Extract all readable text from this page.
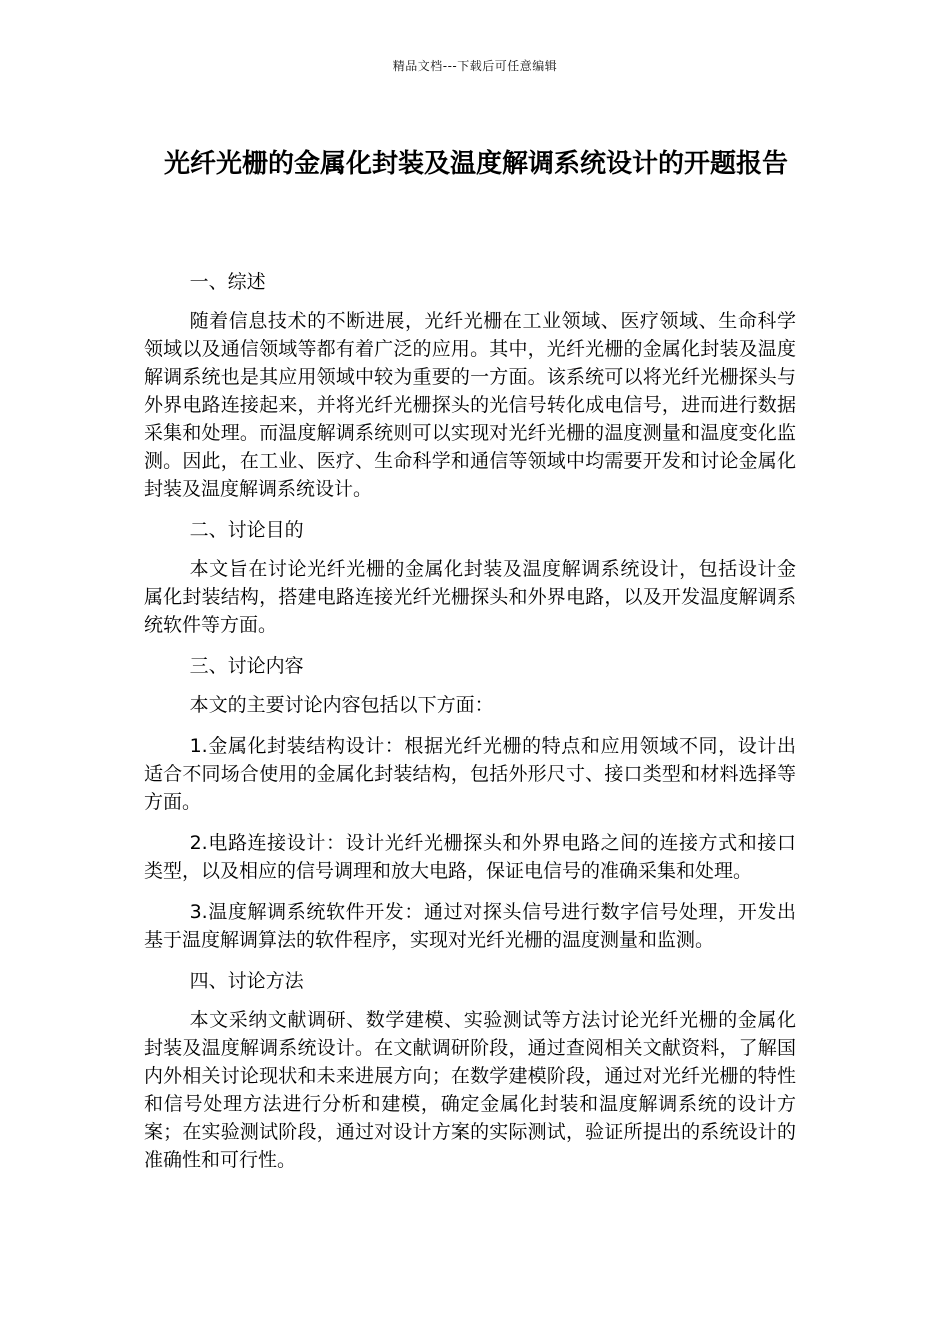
精品文档---下载后可任意编辑
光纤光栅的金属化封装及温度解调系统设计的开题报告

一、综述

随着信息技术的不断进展，光纤光栅在工业领域、医疗领域、生命科学领域以及通信领域等都有着广泛的应用。其中，光纤光栅的金属化封装及温度解调系统也是其应用领域中较为重要的一方面。该系统可以将光纤光栅探头与外界电路连接起来，并将光纤光栅探头的光信号转化成电信号，进而进行数据采集和处理。而温度解调系统则可以实现对光纤光栅的温度测量和温度变化监测。因此，在工业、医疗、生命科学和通信等领域中均需要开发和讨论金属化封装及温度解调系统设计。

二、讨论目的

本文旨在讨论光纤光栅的金属化封装及温度解调系统设计，包括设计金属化封装结构，搭建电路连接光纤光栅探头和外界电路，以及开发温度解调系统软件等方面。

三、讨论内容

本文的主要讨论内容包括以下方面：

1.金属化封装结构设计：根据光纤光栅的特点和应用领域不同，设计出适合不同场合使用的金属化封装结构，包括外形尺寸、接口类型和材料选择等方面。

2.电路连接设计：设计光纤光栅探头和外界电路之间的连接方式和接口类型，以及相应的信号调理和放大电路，保证电信号的准确采集和处理。

3.温度解调系统软件开发：通过对探头信号进行数字信号处理，开发出基于温度解调算法的软件程序，实现对光纤光栅的温度测量和监测。

四、讨论方法

本文采纳文献调研、数学建模、实验测试等方法讨论光纤光栅的金属化封装及温度解调系统设计。在文献调研阶段，通过查阅相关文献资料，了解国内外相关讨论现状和未来进展方向；在数学建模阶段，通过对光纤光栅的特性和信号处理方法进行分析和建模，确定金属化封装和温度解调系统的设计方案；在实验测试阶段，通过对设计方案的实际测试，验证所提出的系统设计的准确性和可行性。
